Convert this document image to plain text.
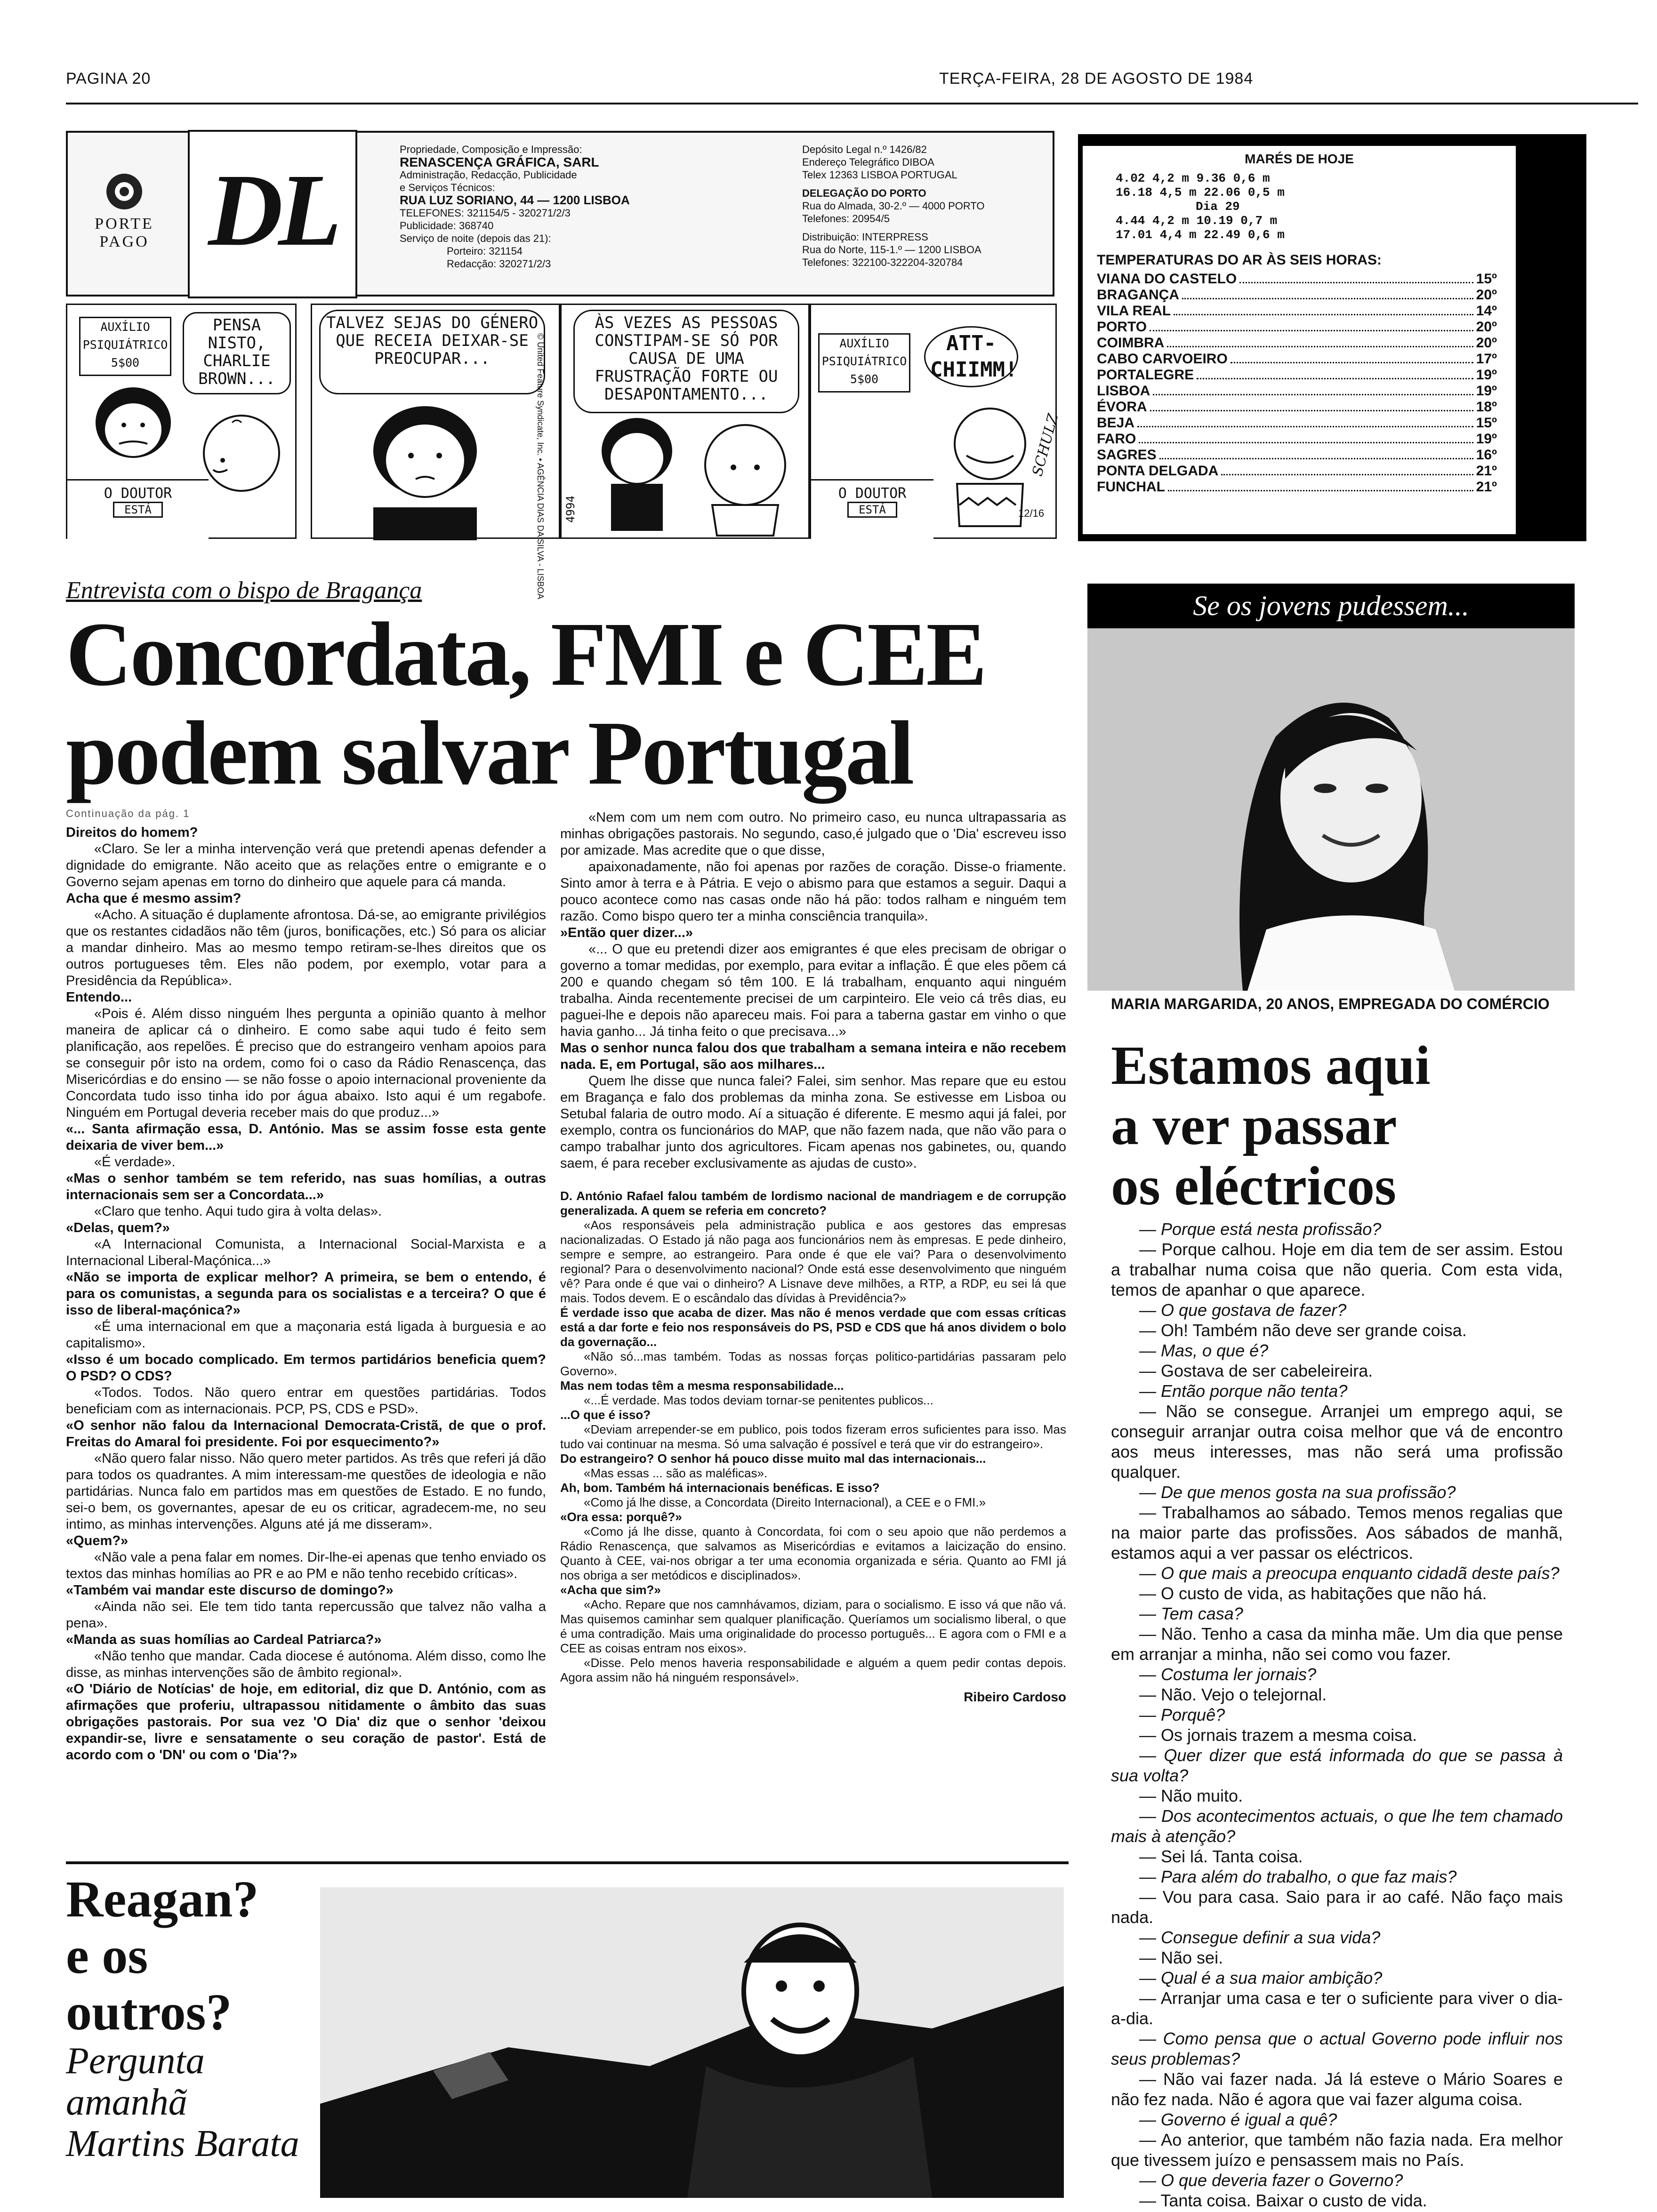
PAGINA 20	TERÇA-FEIRA, 28 DE AGOSTO DE 1984
PORTE
PAGO DL
Propriedade, Composição e Impressão:
RENASCENÇA GRÁFICA, SARL
Administração, Redacção, Publicidade
e Serviços Técnicos:
RUA LUZ SORIANO, 44 — 1200 LISBOA
TELEFONES: 321154/5 - 320271/2/3
Publicidade: 368740
Serviço de noite (depois das 21):
Porteiro: 321154
Redacção: 320271/2/3
Depósito Legal n.º 1426/82
Endereço Telegráfico DIBOA
Telex 12363 LISBOA PORTUGAL
DELEGAÇÃO DO PORTO
Rua do Almada, 30-2.º — 4000 PORTO
Telefones: 20954/5
Distribuição: INTERPRESS
Rua do Norte, 115-1.º — 1200 LISBOA
Telefones: 322100-322204-320784
MARÉS DE HOJE
4.02 4,2 m 9.36 0,6 m
16.18 4,5 m 22.06 0,5 m
Dia 29
4.44 4,2 m 10.19 0,7 m
17.01 4,4 m 22.49 0,6 m
TEMPERATURAS DO AR ÀS SEIS HORAS:
VIANA DO CASTELO	15º
BRAGANÇA	20º
VILA REAL	14º
PORTO	20º
COIMBRA	20º
CABO CARVOEIRO	17º
PORTALEGRE	19º
LISBOA	19º
ÉVORA	18º
BEJA	15º
FARO	19º
SAGRES	16º
PONTA DELGADA	21º
FUNCHAL	21º
AUXÍLIO PSIQUIÁTRICO 5$00
PENSA NISTO, CHARLIE BROWN...
O DOUTOR
ESTÁ
TALVEZ SEJAS DO GÉNERO QUE RECEIA DEIXAR-SE PREOCUPAR...	© United Feature Syndicate, Inc. • AGÊNCIA DIAS DA SILVA - LISBOA
ÀS VEZES AS PESSOAS CONSTIPAM-SE SÓ POR CAUSA DE UMA FRUSTRAÇÃO FORTE OU DESAPONTAMENTO...
4994
AUXÍLIO PSIQUIÁTRICO 5$00
ATT-CHIIMM!
O DOUTOR
ESTÁ
SCHULZ
12/16
Entrevista com o bispo de Bragança
Concordata, FMI e CEE
podem salvar Portugal
Continuação da pág. 1

Direitos do homem?

«Claro. Se ler a minha intervenção verá que pretendi apenas defender a dignidade do emigrante. Não aceito que as relações entre o emigrante e o Governo sejam apenas em torno do dinheiro que aquele para cá manda.

Acha que é mesmo assim?

«Acho. A situação é duplamente afrontosa. Dá-se, ao emigrante privilégios que os restantes cidadãos não têm (juros, bonificações, etc.) Só para os aliciar a mandar dinheiro. Mas ao mesmo tempo retiram-se-lhes direitos que os outros portugueses têm. Eles não podem, por exemplo, votar para a Presidência da República».

Entendo...

«Pois é. Além disso ninguém lhes pergunta a opinião quanto à melhor maneira de aplicar cá o dinheiro. E como sabe aqui tudo é feito sem planificação, aos repelões. É preciso que do estrangeiro venham apoios para se conseguir pôr isto na ordem, como foi o caso da Rádio Renascença, das Misericórdias e do ensino — se não fosse o apoio internacional proveniente da Concordata tudo isso tinha ido por água abaixo. Isto aqui é um regabofe. Ninguém em Portugal deveria receber mais do que produz...»

«... Santa afirmação essa, D. António. Mas se assim fosse esta gente deixaria de viver bem...»

«É verdade».

«Mas o senhor também se tem referido, nas suas homílias, a outras internacionais sem ser a Concordata...»

«Claro que tenho. Aqui tudo gira à volta delas».

«Delas, quem?»

«A Internacional Comunista, a Internacional Social-Marxista e a Internacional Liberal-Maçónica...»

«Não se importa de explicar melhor? A primeira, se bem o entendo, é para os comunistas, a segunda para os socialistas e a terceira? O que é isso de liberal-maçónica?»

«É uma internacional em que a maçonaria está ligada à burguesia e ao capitalismo».

«Isso é um bocado complicado. Em termos partidários beneficia quem? O PSD? O CDS?

«Todos. Todos. Não quero entrar em questões partidárias. Todos beneficiam com as internacionais. PCP, PS, CDS e PSD».

«O senhor não falou da Internacional Democrata-Cristã, de que o prof. Freitas do Amaral foi presidente. Foi por esquecimento?»

«Não quero falar nisso. Não quero meter partidos. As três que referi já dão para todos os quadrantes. A mim interessam-me questões de ideologia e não partidárias. Nunca falo em partidos mas em questões de Estado. E no fundo, sei-o bem, os governantes, apesar de eu os criticar, agradecem-me, no seu intimo, as minhas intervenções. Alguns até já me disseram».

«Quem?»

«Não vale a pena falar em nomes. Dir-lhe-ei apenas que tenho enviado os textos das minhas homílias ao PR e ao PM e não tenho recebido críticas».

«Também vai mandar este discurso de domingo?»

«Ainda não sei. Ele tem tido tanta repercussão que talvez não valha a pena».

«Manda as suas homílias ao Cardeal Patriarca?»

«Não tenho que mandar. Cada diocese é autónoma. Além disso, como lhe disse, as minhas intervenções são de âmbito regional».

«O 'Diário de Notícias' de hoje, em editorial, diz que D. António, com as afirmações que proferiu, ultrapassou nitidamente o âmbito das suas obrigações pastorais. Por sua vez 'O Dia' diz que o senhor 'deixou expandir-se, livre e sensatamente o seu coração de pastor'. Está de acordo com o 'DN' ou com o 'Dia'?»

«Nem com um nem com outro. No primeiro caso, eu nunca ultrapassaria as minhas obrigações pastorais. No segundo, caso,é julgado que o 'Dia' escreveu isso por amizade. Mas acredite que o que disse,

apaixonadamente, não foi apenas por razões de coração. Disse-o friamente. Sinto amor à terra e à Pátria. E vejo o abismo para que estamos a seguir. Daqui a pouco acontece como nas casas onde não há pão: todos ralham e ninguém tem razão. Como bispo quero ter a minha consciência tranquila».

»Então quer dizer...»

«... O que eu pretendi dizer aos emigrantes é que eles precisam de obrigar o governo a tomar medidas, por exemplo, para evitar a inflação. É que eles põem cá 200 e quando chegam só têm 100. E lá trabalham, enquanto aqui ninguém trabalha. Ainda recentemente precisei de um carpinteiro. Ele veio cá três dias, eu paguei-lhe e depois não apareceu mais. Foi para a taberna gastar em vinho o que havia ganho... Já tinha feito o que precisava...»

Mas o senhor nunca falou dos que trabalham a semana inteira e não recebem nada. E, em Portugal, são aos milhares...

Quem lhe disse que nunca falei? Falei, sim senhor. Mas repare que eu estou em Bragança e falo dos problemas da minha zona. Se estivesse em Lisboa ou Setubal falaria de outro modo. Aí a situação é diferente. E mesmo aqui já falei, por exemplo, contra os funcionários do MAP, que não fazem nada, que não vão para o campo trabalhar junto dos agricultores. Ficam apenas nos gabinetes, ou, quando saem, é para receber exclusivamente as ajudas de custo».

D. António Rafael falou também de lordismo nacional de mandriagem e de corrupção generalizada. A quem se referia em concreto?

«Aos responsáveis pela administração publica e aos gestores das empresas nacionalizadas. O Estado já não paga aos funcionários nem às empresas. E pede dinheiro, sempre e sempre, ao estrangeiro. Para onde é que ele vai? Para o desenvolvimento regional? Para o desenvolvimento nacional? Onde está esse desenvolvimento que ninguém vê? Para onde é que vai o dinheiro? A Lisnave deve milhões, a RTP, a RDP, eu sei lá que mais. Todos devem. E o escândalo das dívidas à Previdência?»

É verdade isso que acaba de dizer. Mas não é menos verdade que com essas críticas está a dar forte e feio nos responsáveis do PS, PSD e CDS que há anos dividem o bolo da governação...

«Não só...mas também. Todas as nossas forças politico-partidárias passaram pelo Governo».

Mas nem todas têm a mesma responsabilidade...

«...É verdade. Mas todos deviam tornar-se penitentes publicos...

...O que é isso?

«Deviam arrepender-se em publico, pois todos fizeram erros suficientes para isso. Mas tudo vai continuar na mesma. Só uma salvação é possível e terá que vir do estrangeiro».

Do estrangeiro? O senhor há pouco disse muito mal das internacionais...

«Mas essas ... são as maléficas».

Ah, bom. Também há internacionais benéficas. E isso?

«Como já lhe disse, a Concordata (Direito Internacional), a CEE e o FMI.»

«Ora essa: porquê?»

«Como já lhe disse, quanto à Concordata, foi com o seu apoio que não perdemos a Rádio Renascença, que salvamos as Misericórdias e evitamos a laicização do ensino. Quanto à CEE, vai-nos obrigar a ter uma economia organizada e séria. Quanto ao FMI já nos obriga a ser metódicos e disciplinados».

«Acha que sim?»

«Acho. Repare que nos camnhávamos, diziam, para o socialismo. E isso vá que não vá. Mas quisemos caminhar sem qualquer planificação. Queríamos um socialismo liberal, o que é uma contradição. Mais uma originalidade do processo português... E agora com o FMI e a CEE as coisas entram nos eixos».

«Disse. Pelo menos haveria responsabilidade e alguém a quem pedir contas depois. Agora assim não há ninguém responsável».

Ribeiro Cardoso
Reagan?
e os
outros?
Pergunta
amanhã
Martins Barata
Se os jovens pudessem...
MARIA MARGARIDA, 20 ANOS, EMPREGADA DO COMÉRCIO
Estamos aqui
a ver passar
os eléctricos

— Porque está nesta profissão?

— Porque calhou. Hoje em dia tem de ser assim. Estou a trabalhar numa coisa que não queria. Com esta vida, temos de apanhar o que aparece.

— O que gostava de fazer?

— Oh! Também não deve ser grande coisa.

— Mas, o que é?

— Gostava de ser cabeleireira.

— Então porque não tenta?

— Não se consegue. Arranjei um emprego aqui, se conseguir arranjar outra coisa melhor que vá de encontro aos meus interesses, mas não será uma profissão qualquer.

— De que menos gosta na sua profissão?

— Trabalhamos ao sábado. Temos menos regalias que na maior parte das profissões. Aos sábados de manhã, estamos aqui a ver passar os eléctricos.

— O que mais a preocupa enquanto cidadã deste país?

— O custo de vida, as habitações que não há.

— Tem casa?

— Não. Tenho a casa da minha mãe. Um dia que pense em arranjar a minha, não sei como vou fazer.

— Costuma ler jornais?

— Não. Vejo o telejornal.

— Porquê?

— Os jornais trazem a mesma coisa.

— Quer dizer que está informada do que se passa à sua volta?

— Não muito.

— Dos acontecimentos actuais, o que lhe tem chamado mais à atenção?

— Sei lá. Tanta coisa.

— Para além do trabalho, o que faz mais?

— Vou para casa. Saio para ir ao café. Não faço mais nada.

— Consegue definir a sua vida?

— Não sei.

— Qual é a sua maior ambição?

— Arranjar uma casa e ter o suficiente para viver o dia-a-dia.

— Como pensa que o actual Governo pode influir nos seus problemas?

— Não vai fazer nada. Já lá esteve o Mário Soares e não fez nada. Não é agora que vai fazer alguma coisa.

— Governo é igual a quê?

— Ao anterior, que também não fazia nada. Era melhor que tivessem juízo e pensassem mais no País.

— O que deveria fazer o Governo?

— Tanta coisa. Baixar o custo de vida.
